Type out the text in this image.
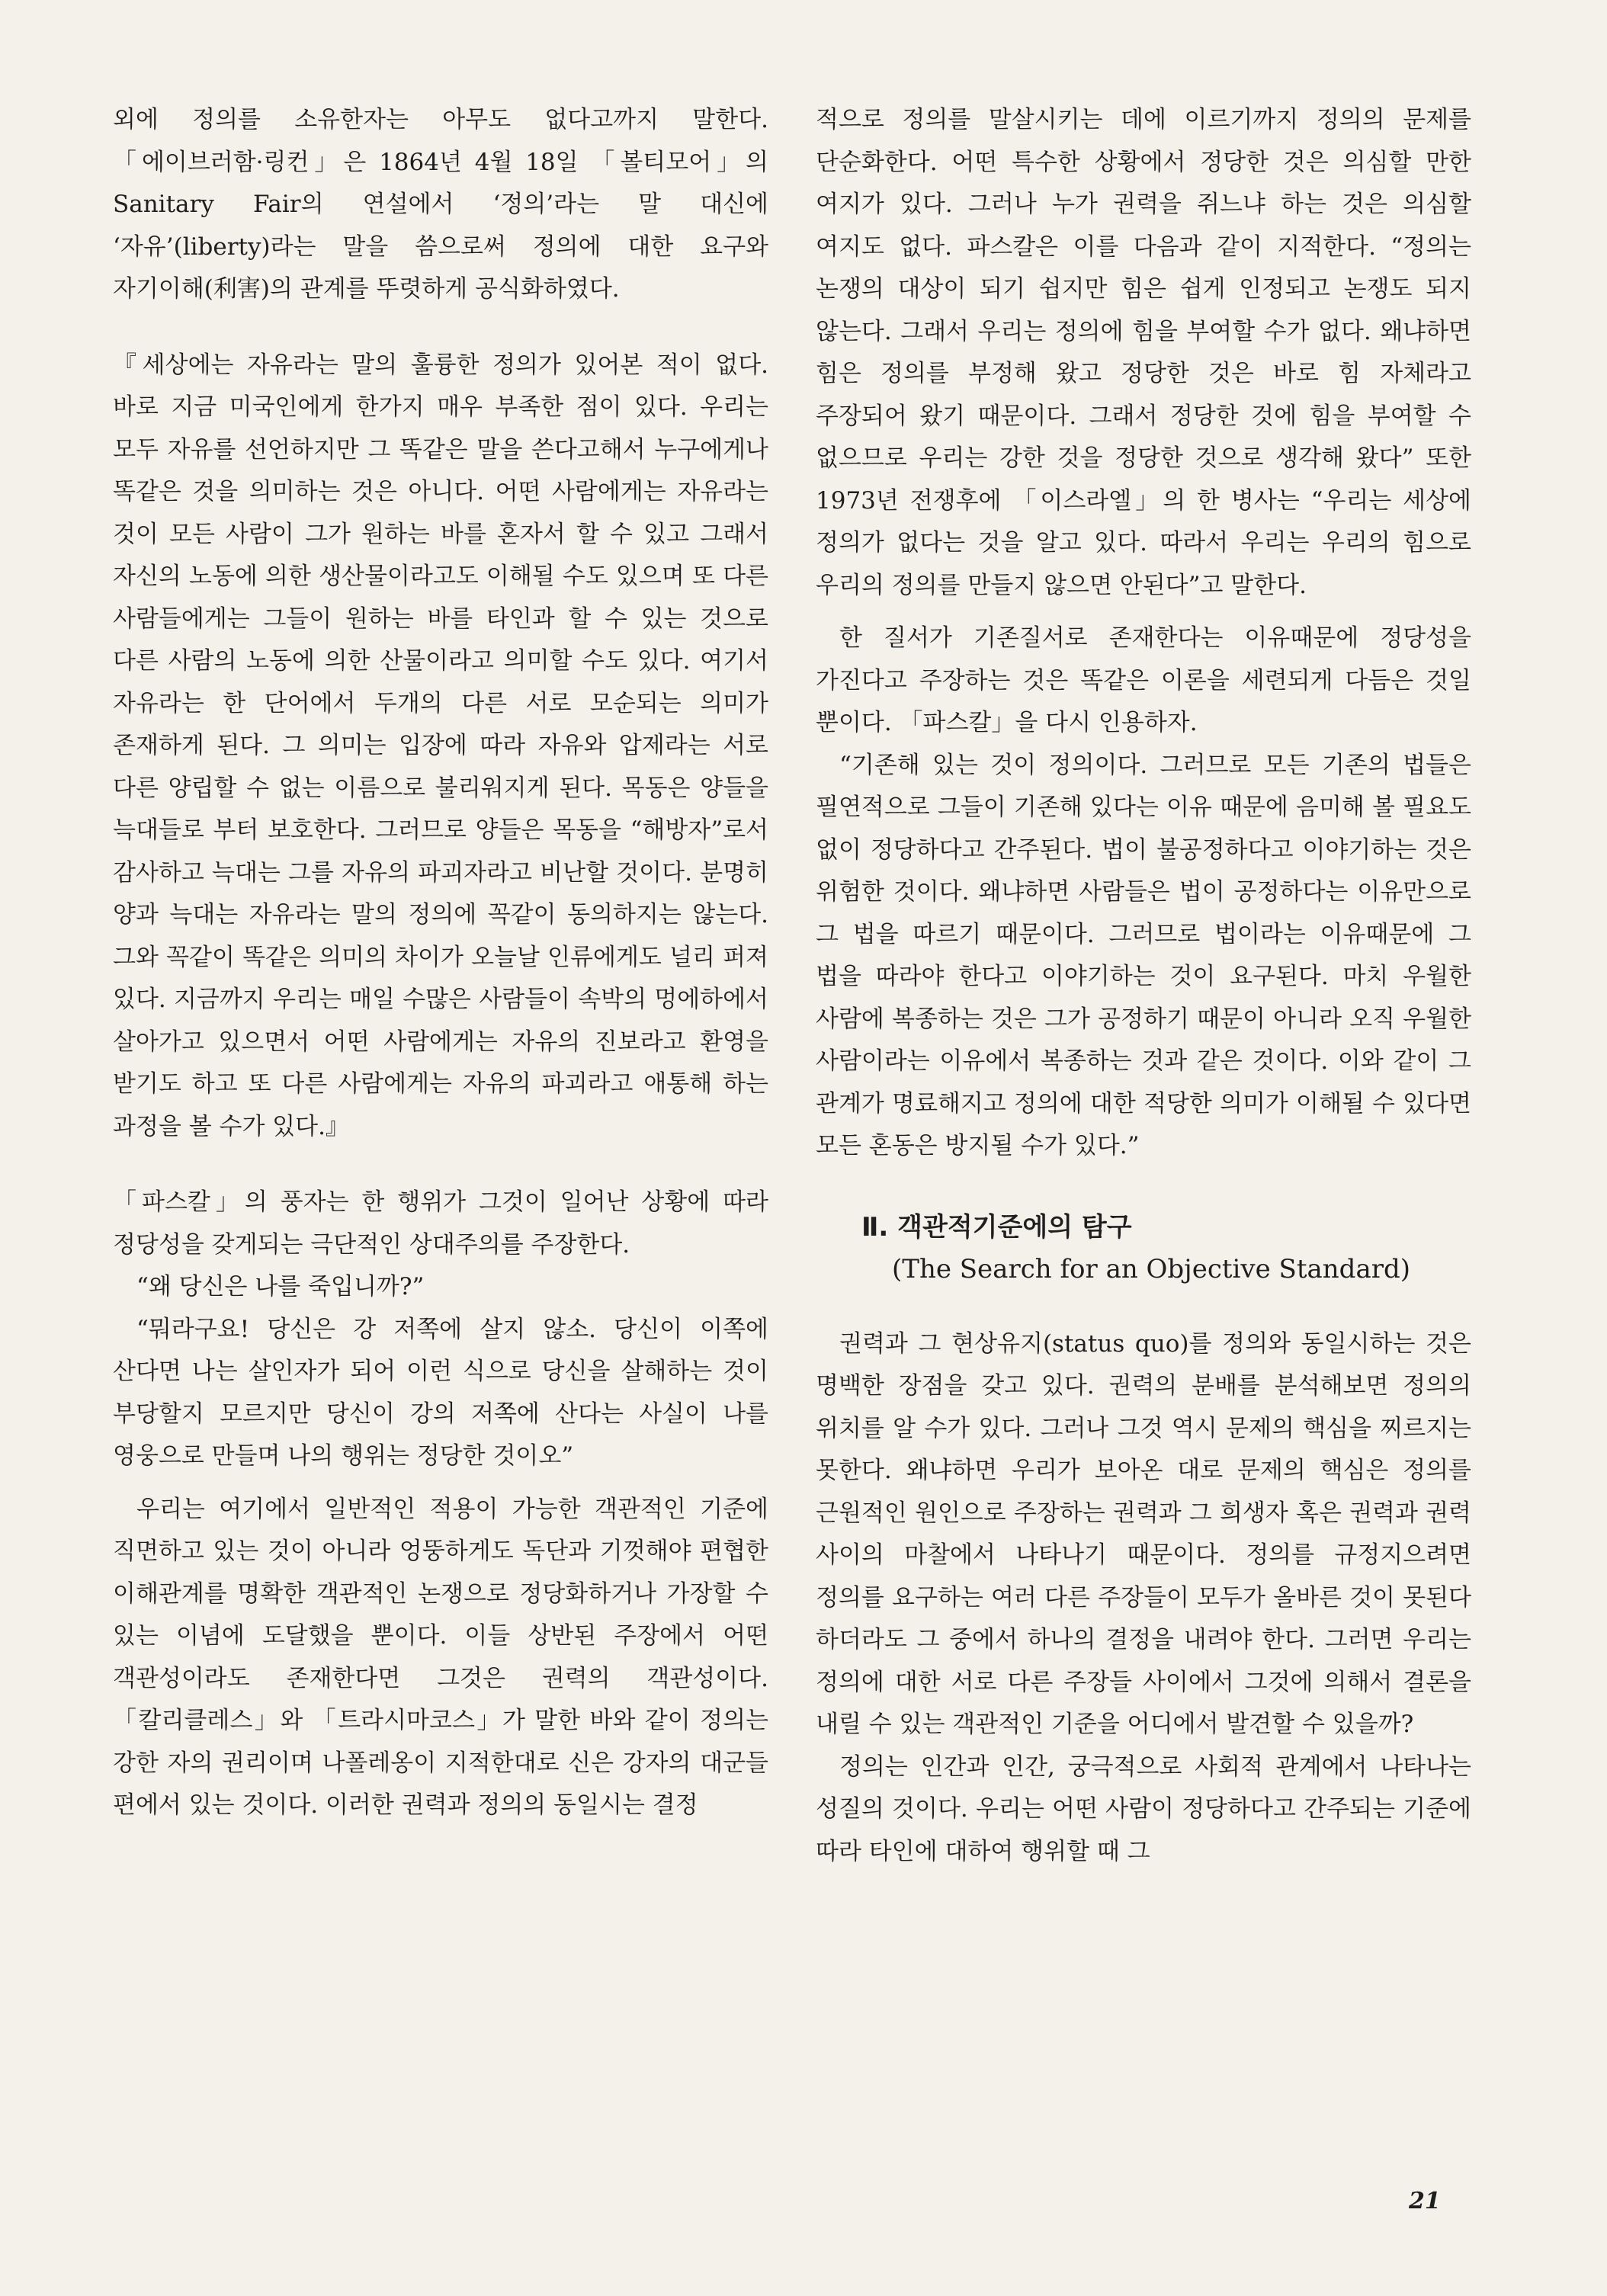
외에 정의를 소유한자는 아무도 없다고까지 말한다. 「에이브러함·링컨」은 1864년 4월 18일 「볼티모어」의 Sanitary Fair의 연설에서 ‘정의’라는 말 대신에 ‘자유’(liberty)라는 말을 씀으로써 정의에 대한 요구와 자기이해(利害)의 관계를 뚜렷하게 공식화하였다.

『세상에는 자유라는 말의 훌륭한 정의가 있어본 적이 없다. 바로 지금 미국인에게 한가지 매우 부족한 점이 있다. 우리는 모두 자유를 선언하지만 그 똑같은 말을 쓴다고해서 누구에게나 똑같은 것을 의미하는 것은 아니다. 어떤 사람에게는 자유라는 것이 모든 사람이 그가 원하는 바를 혼자서 할 수 있고 그래서 자신의 노동에 의한 생산물이라고도 이해될 수도 있으며 또 다른 사람들에게는 그들이 원하는 바를 타인과 할 수 있는 것으로 다른 사람의 노동에 의한 산물이라고 의미할 수도 있다. 여기서 자유라는 한 단어에서 두개의 다른 서로 모순되는 의미가 존재하게 된다. 그 의미는 입장에 따라 자유와 압제라는 서로 다른 양립할 수 없는 이름으로 불리워지게 된다. 목동은 양들을 늑대들로 부터 보호한다. 그러므로 양들은 목동을 “해방자”로서 감사하고 늑대는 그를 자유의 파괴자라고 비난할 것이다. 분명히 양과 늑대는 자유라는 말의 정의에 꼭같이 동의하지는 않는다. 그와 꼭같이 똑같은 의미의 차이가 오늘날 인류에게도 널리 퍼져 있다. 지금까지 우리는 매일 수많은 사람들이 속박의 멍에하에서 살아가고 있으면서 어떤 사람에게는 자유의 진보라고 환영을 받기도 하고 또 다른 사람에게는 자유의 파괴라고 애통해 하는 과정을 볼 수가 있다.』

「파스칼」의 풍자는 한 행위가 그것이 일어난 상황에 따라 정당성을 갖게되는 극단적인 상대주의를 주장한다.

“왜 당신은 나를 죽입니까?”

“뭐라구요! 당신은 강 저쪽에 살지 않소. 당신이 이쪽에 산다면 나는 살인자가 되어 이런 식으로 당신을 살해하는 것이 부당할지 모르지만 당신이 강의 저쪽에 산다는 사실이 나를 영웅으로 만들며 나의 행위는 정당한 것이오”

우리는 여기에서 일반적인 적용이 가능한 객관적인 기준에 직면하고 있는 것이 아니라 엉뚱하게도 독단과 기껏해야 편협한 이해관계를 명확한 객관적인 논쟁으로 정당화하거나 가장할 수 있는 이념에 도달했을 뿐이다. 이들 상반된 주장에서 어떤 객관성이라도 존재한다면 그것은 권력의 객관성이다. 「칼리클레스」와 「트라시마코스」가 말한 바와 같이 정의는 강한 자의 권리이며 나폴레옹이 지적한대로 신은 강자의 대군들 편에서 있는 것이다. 이러한 권력과 정의의 동일시는 결정

적으로 정의를 말살시키는 데에 이르기까지 정의의 문제를 단순화한다. 어떤 특수한 상황에서 정당한 것은 의심할 만한 여지가 있다. 그러나 누가 권력을 쥐느냐 하는 것은 의심할 여지도 없다. 파스칼은 이를 다음과 같이 지적한다. “정의는 논쟁의 대상이 되기 쉽지만 힘은 쉽게 인정되고 논쟁도 되지 않는다. 그래서 우리는 정의에 힘을 부여할 수가 없다. 왜냐하면 힘은 정의를 부정해 왔고 정당한 것은 바로 힘 자체라고 주장되어 왔기 때문이다. 그래서 정당한 것에 힘을 부여할 수 없으므로 우리는 강한 것을 정당한 것으로 생각해 왔다” 또한 1973년 전쟁후에 「이스라엘」의 한 병사는 “우리는 세상에 정의가 없다는 것을 알고 있다. 따라서 우리는 우리의 힘으로 우리의 정의를 만들지 않으면 안된다”고 말한다.

한 질서가 기존질서로 존재한다는 이유때문에 정당성을 가진다고 주장하는 것은 똑같은 이론을 세련되게 다듬은 것일 뿐이다. 「파스칼」을 다시 인용하자.

“기존해 있는 것이 정의이다. 그러므로 모든 기존의 법들은 필연적으로 그들이 기존해 있다는 이유 때문에 음미해 볼 필요도 없이 정당하다고 간주된다. 법이 불공정하다고 이야기하는 것은 위험한 것이다. 왜냐하면 사람들은 법이 공정하다는 이유만으로 그 법을 따르기 때문이다. 그러므로 법이라는 이유때문에 그 법을 따라야 한다고 이야기하는 것이 요구된다. 마치 우월한 사람에 복종하는 것은 그가 공정하기 때문이 아니라 오직 우월한 사람이라는 이유에서 복종하는 것과 같은 것이다. 이와 같이 그 관계가 명료해지고 정의에 대한 적당한 의미가 이해될 수 있다면 모든 혼동은 방지될 수가 있다.”

Ⅱ. 객관적기준에의 탐구
(The Search for an Objective Standard)

권력과 그 현상유지(status quo)를 정의와 동일시하는 것은 명백한 장점을 갖고 있다. 권력의 분배를 분석해보면 정의의 위치를 알 수가 있다. 그러나 그것 역시 문제의 핵심을 찌르지는 못한다. 왜냐하면 우리가 보아온 대로 문제의 핵심은 정의를 근원적인 원인으로 주장하는 권력과 그 희생자 혹은 권력과 권력 사이의 마찰에서 나타나기 때문이다. 정의를 규정지으려면 정의를 요구하는 여러 다른 주장들이 모두가 올바른 것이 못된다 하더라도 그 중에서 하나의 결정을 내려야 한다. 그러면 우리는 정의에 대한 서로 다른 주장들 사이에서 그것에 의해서 결론을 내릴 수 있는 객관적인 기준을 어디에서 발견할 수 있을까?

정의는 인간과 인간, 궁극적으로 사회적 관계에서 나타나는 성질의 것이다. 우리는 어떤 사람이 정당하다고 간주되는 기준에 따라 타인에 대하여 행위할 때 그

21
